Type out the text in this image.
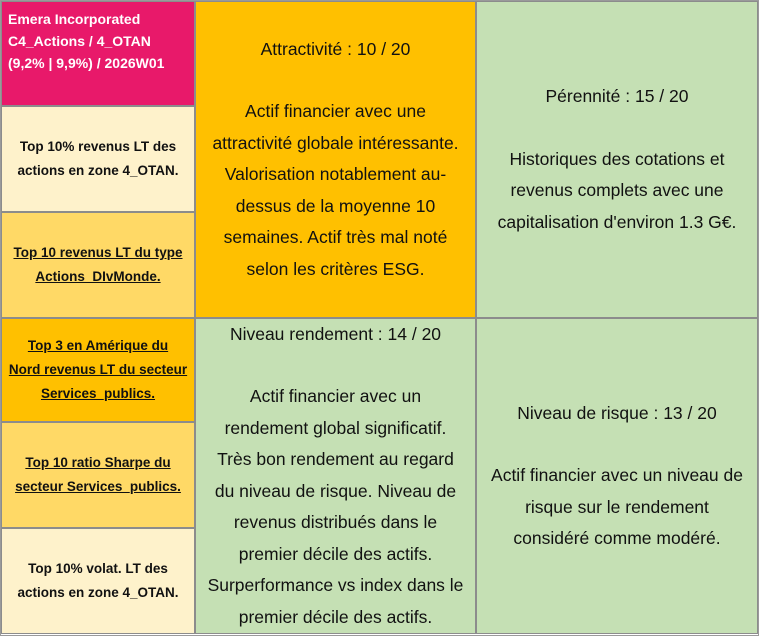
Emera Incorporated
C4_Actions / 4_OTAN
(9,2% | 9,9%) / 2026W01
Top 10% revenus LT des
actions en zone 4_OTAN.
Top 10 revenus LT du type
Actions_DIvMonde.
Top 3 en Amérique du
Nord revenus LT du secteur
Services_publics.
Top 10 ratio Sharpe du
secteur Services_publics.
Top 10% volat. LT des
actions en zone 4_OTAN.
Attractivité : 10 / 20
Actif financier avec une
attractivité globale intéressante.
Valorisation notablement au-
dessus de la moyenne 10
semaines. Actif très mal noté
selon les critères ESG.
Niveau rendement : 14 / 20
Actif financier avec un
rendement global significatif.
Très bon rendement au regard
du niveau de risque. Niveau de
revenus distribués dans le
premier décile des actifs.
Surperformance vs index dans le
premier décile des actifs.
Pérennité : 15 / 20
Historiques des cotations et
revenus complets avec une
capitalisation d'environ 1.3 G€.
Niveau de risque : 13 / 20
Actif financier avec un niveau de
risque sur le rendement
considéré comme modéré.
